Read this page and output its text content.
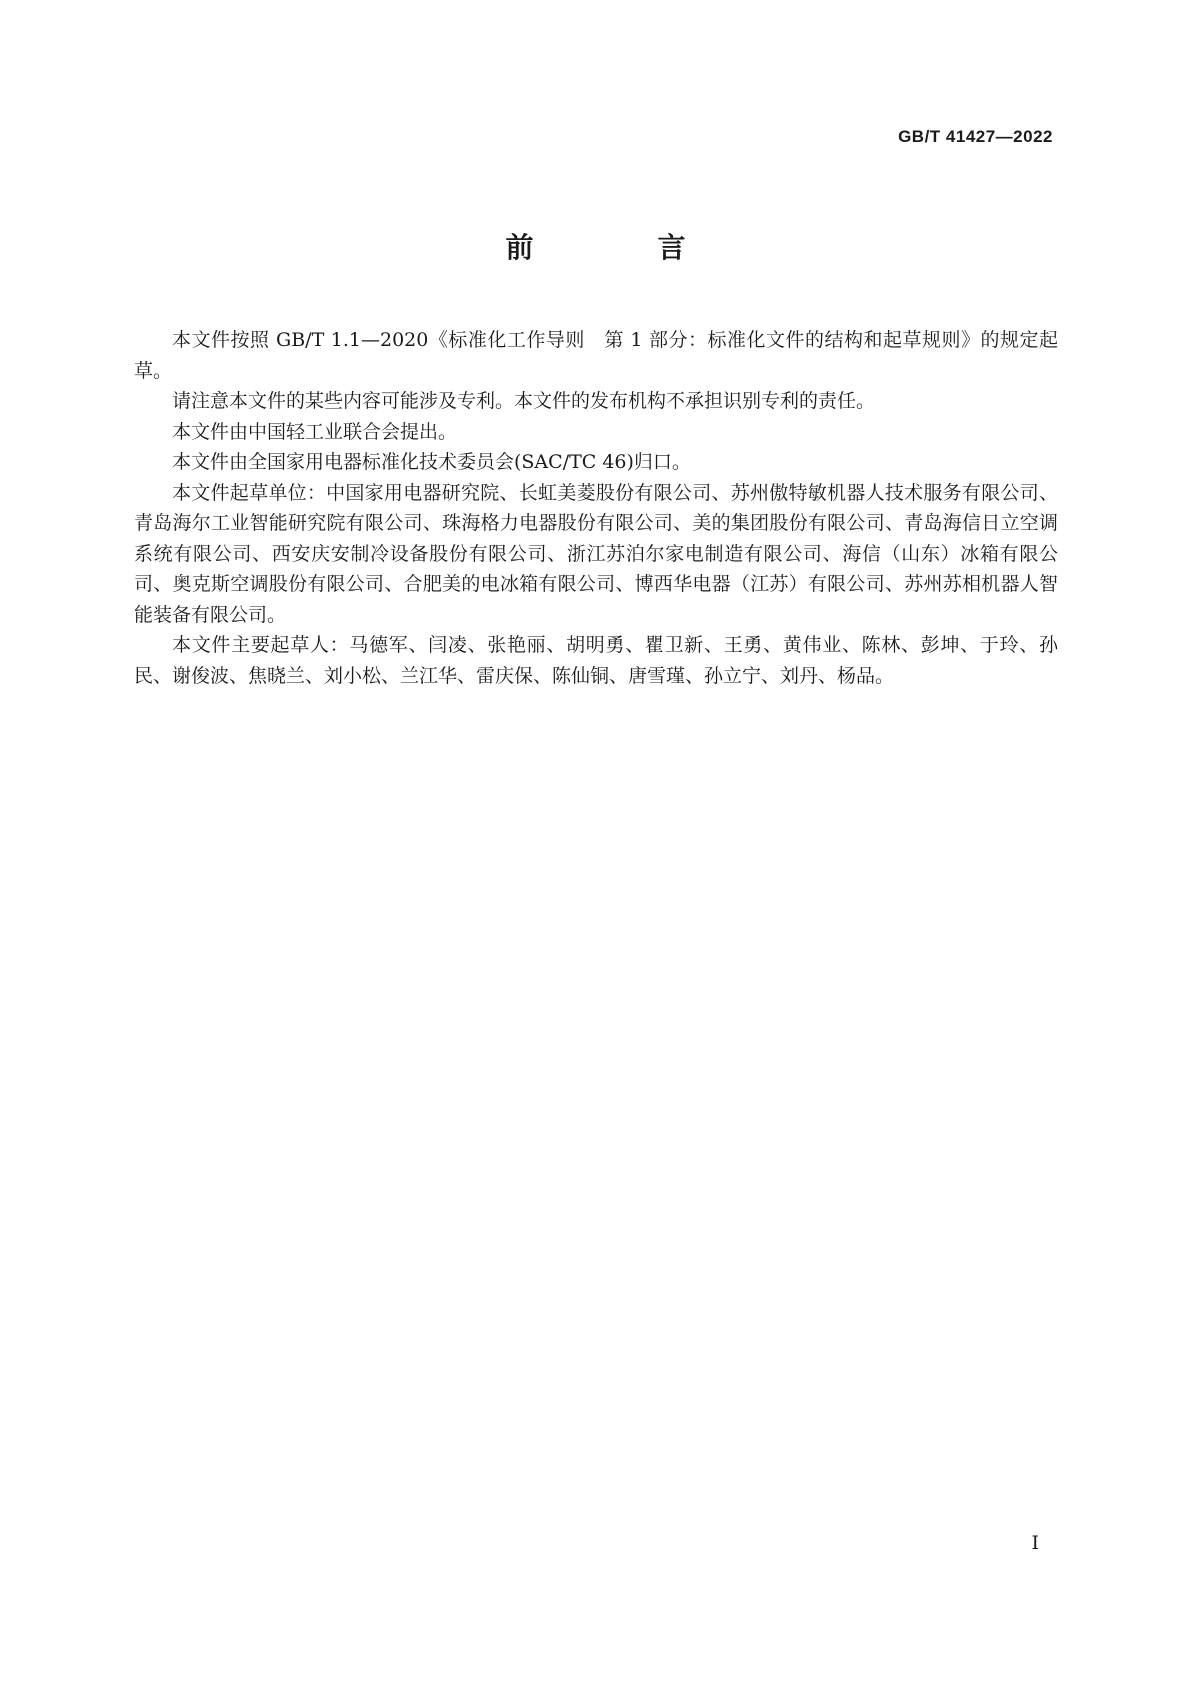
GB/T 41427—2022
前　言

本文件按照 GB/T 1.1—2020《标准化工作导则　第 1 部分：标准化文件的结构和起草规则》的规定起草。

请注意本文件的某些内容可能涉及专利。本文件的发布机构不承担识别专利的责任。

本文件由中国轻工业联合会提出。

本文件由全国家用电器标准化技术委员会(SAC/TC 46)归口。

本文件起草单位：中国家用电器研究院、长虹美菱股份有限公司、苏州傲特敏机器人技术服务有限公司、青岛海尔工业智能研究院有限公司、珠海格力电器股份有限公司、美的集团股份有限公司、青岛海信日立空调系统有限公司、西安庆安制冷设备股份有限公司、浙江苏泊尔家电制造有限公司、海信（山东）冰箱有限公司、奥克斯空调股份有限公司、合肥美的电冰箱有限公司、博西华电器（江苏）有限公司、苏州苏相机器人智能装备有限公司。

本文件主要起草人：马德军、闫凌、张艳丽、胡明勇、瞿卫新、王勇、黄伟业、陈林、彭坤、于玲、孙民、谢俊波、焦晓兰、刘小松、兰江华、雷庆保、陈仙铜、唐雪瑾、孙立宁、刘丹、杨品。

I
